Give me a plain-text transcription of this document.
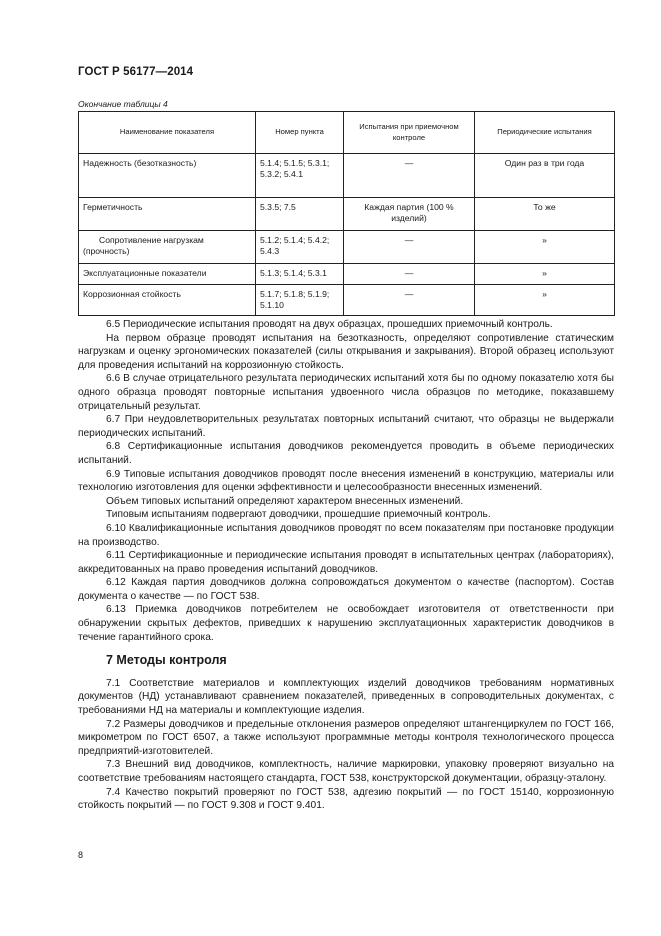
ГОСТ Р 56177—2014
Окончание таблицы 4
Наименование показателя	Номер пункта	Испытания при приемочном контроле	Периодические испытания
Надежность (безотказность)	5.1.4; 5.1.5; 5.3.1; 5.3.2; 5.4.1	—	Один раз в три года
Герметичность	5.3.5; 7.5	Каждая партия (100 % изделий)	То же
Сопротивление нагрузкам (прочность)	5.1.2; 5.1.4; 5.4.2; 5.4.3	—	»
Эксплуатационные показатели	5.1.3; 5.1.4; 5.3.1	—	»
Коррозионная стойкость	5.1.7; 5.1.8; 5.1.9; 5.1.10	—	»

6.5 Периодические испытания проводят на двух образцах, прошедших приемочный контроль.

На первом образце проводят испытания на безотказность, определяют сопротивление статическим нагрузкам и оценку эргономических показателей (силы открывания и закрывания). Второй образец используют для проведения испытаний на коррозионную стойкость.

6.6 В случае отрицательного результата периодических испытаний хотя бы по одному показателю хотя бы одного образца проводят повторные испытания удвоенного числа образцов по методике, показавшему отрицательный результат.

6.7 При неудовлетворительных результатах повторных испытаний считают, что образцы не выдержали периодических испытаний.

6.8 Сертификационные испытания доводчиков рекомендуется проводить в объеме периодических испытаний.

6.9 Типовые испытания доводчиков проводят после внесения изменений в конструкцию, материалы или технологию изготовления для оценки эффективности и целесообразности внесенных изменений.

Объем типовых испытаний определяют характером внесенных изменений.

Типовым испытаниям подвергают доводчики, прошедшие приемочный контроль.

6.10 Квалификационные испытания доводчиков проводят по всем показателям при постановке продукции на производство.

6.11 Сертификационные и периодические испытания проводят в испытательных центрах (лабораториях), аккредитованных на право проведения испытаний доводчиков.

6.12 Каждая партия доводчиков должна сопровождаться документом о качестве (паспортом). Состав документа о качестве — по ГОСТ 538.

6.13 Приемка доводчиков потребителем не освобождает изготовителя от ответственности при обнаружении скрытых дефектов, приведших к нарушению эксплуатационных характеристик доводчиков в течение гарантийного срока.

7 Методы контроля

7.1 Соответствие материалов и комплектующих изделий доводчиков требованиям нормативных документов (НД) устанавливают сравнением показателей, приведенных в сопроводительных документах, с требованиями НД на материалы и комплектующие изделия.

7.2 Размеры доводчиков и предельные отклонения размеров определяют штангенциркулем по ГОСТ 166, микрометром по ГОСТ 6507, а также используют программные методы контроля технологического процесса предприятий-изготовителей.

7.3 Внешний вид доводчиков, комплектность, наличие маркировки, упаковку проверяют визуально на соответствие требованиям настоящего стандарта, ГОСТ 538, конструкторской документации, образцу-эталону.

7.4 Качество покрытий проверяют по ГОСТ 538, адгезию покрытий — по ГОСТ 15140, коррозионную стойкость покрытий — по ГОСТ 9.308 и ГОСТ 9.401.

8
